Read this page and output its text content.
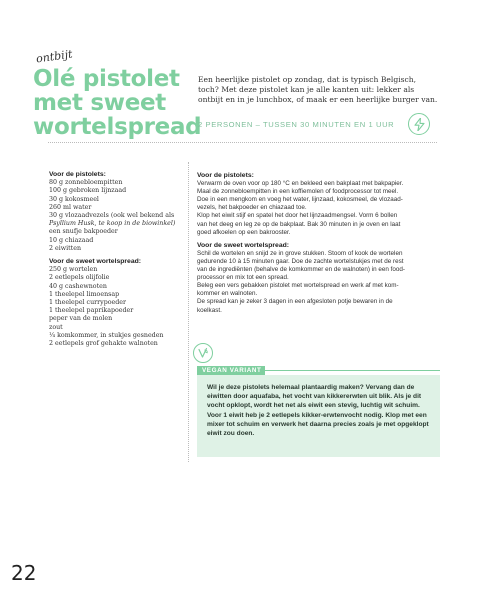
ontbijt
Olé pistolet met sweet wortelspread
Een heerlijke pistolet op zondag, dat is typisch Belgisch, toch? Met deze pistolet kan je alle kanten uit: lekker als ontbijt en in je lunchbox, of maak er een heerlijke burger van.
2 PERSONEN – TUSSEN 30 MINUTEN EN 1 UUR

Voor de pistolets:

80 g zonnebloempitten

100 g gebroken lijnzaad

30 g kokosmeel

260 ml water

30 g vlozaadvezels (ook wel bekend als

Psyllium Husk, te koop in de biowinkel)

een snufje bakpoeder

10 g chiazaad

2 eiwitten

Voor de sweet wortelspread:

250 g wortelen

2 eetlepels olijfolie

40 g cashewnoten

1 theelepel limoensap

1 theelepel currypoeder

1 theelepel paprikapoeder

peper van de molen

zout

¼ komkommer, in stukjes gesneden

2 eetlepels grof gehakte walnoten

Voor de pistolets:

Verwarm de oven voor op 180 °C en bekleed een bakplaat met bakpapier.

Maal de zonnebloempitten in een koffiemolen of foodprocessor tot meel.

Doe in een mengkom en voeg het water, lijnzaad, kokosmeel, de vlozaad-

vezels, het bakpoeder en chiazaad toe.

Klop het eiwit stijf en spatel het door het lijnzaadmengsel. Vorm 6 bollen

van het deeg en leg ze op de bakplaat. Bak 30 minuten in je oven en laat

goed afkoelen op een bakrooster.

Voor de sweet wortelspread:

Schil de wortelen en snijd ze in grove stukken. Stoom of kook de wortelen

gedurende 10 à 15 minuten gaar. Doe de zachte wortelstukjes met de rest

van de ingrediënten (behalve de komkommer en de walnoten) in een food-

processor en mix tot een spread.

Beleg een vers gebakken pistolet met wortelspread en werk af met kom-

kommer en walnoten.

De spread kan je zeker 3 dagen in een afgesloten potje bewaren in de

koelkast.

VEGAN VARIANT

Wil je deze pistolets helemaal plantaardig maken? Vervang dan de eiwitten door aquafaba, het vocht van kikkererwten uit blik. Als je dit vocht opklopt, wordt het net als eiwit een stevig, luchtig wit schuim. Voor 1 eiwit heb je 2 eetlepels kikker-erwtenvocht nodig. Klop met een mixer tot schuim en verwerk het daarna precies zoals je met opgeklopt eiwit zou doen.

22
